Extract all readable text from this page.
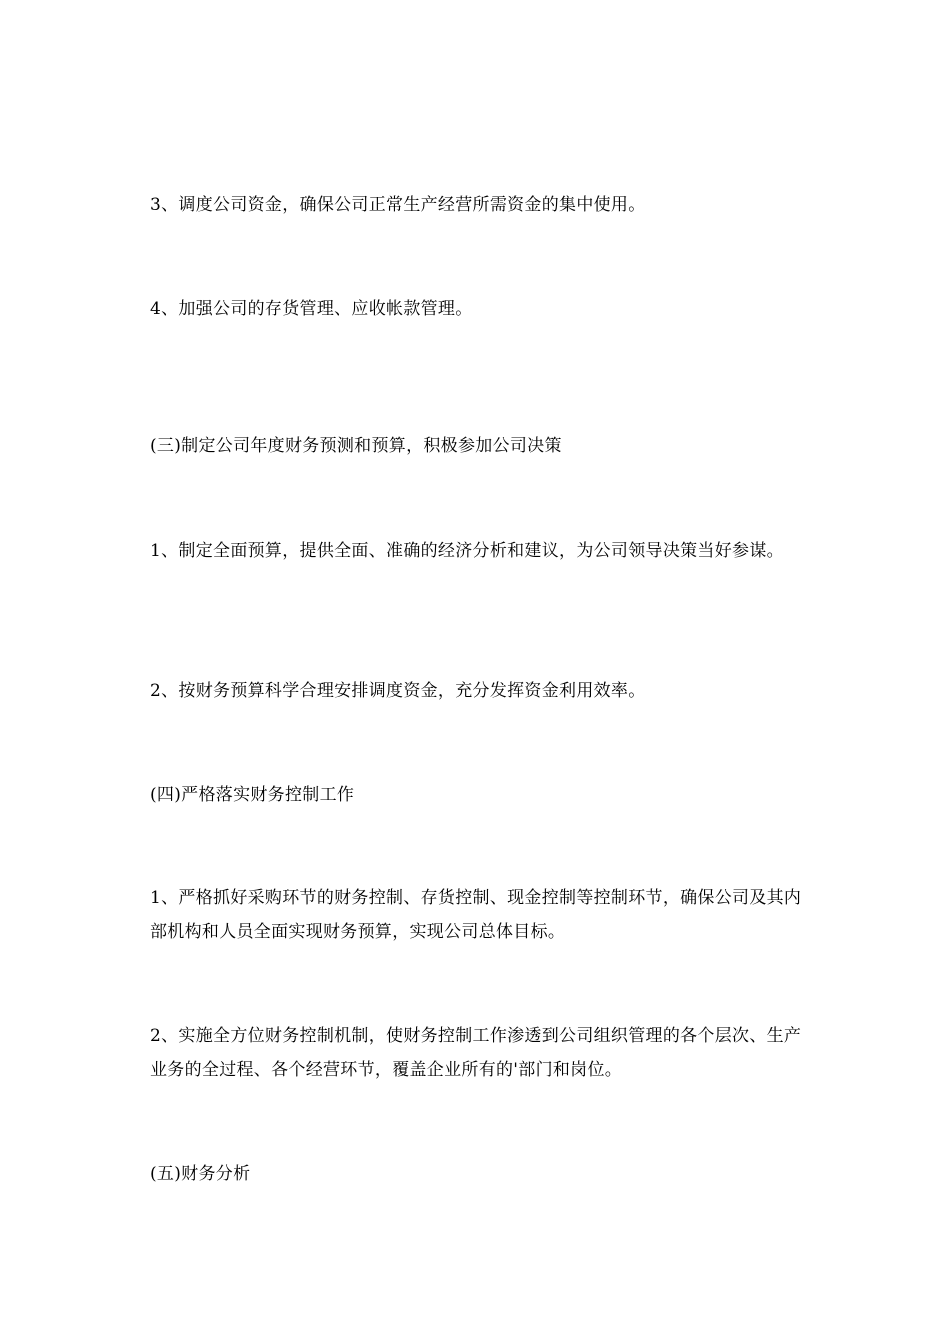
3、调度公司资金，确保公司正常生产经营所需资金的集中使用。

4、加强公司的存货管理、应收帐款管理。

(三)制定公司年度财务预测和预算，积极参加公司决策

1、制定全面预算，提供全面、准确的经济分析和建议，为公司领导决策当好参谋。

2、按财务预算科学合理安排调度资金，充分发挥资金利用效率。

(四)严格落实财务控制工作

1、严格抓好采购环节的财务控制、存货控制、现金控制等控制环节，确保公司及其内部机构和人员全面实现财务预算，实现公司总体目标。

2、实施全方位财务控制机制，使财务控制工作渗透到公司组织管理的各个层次、生产业务的全过程、各个经营环节，覆盖企业所有的'部门和岗位。

(五)财务分析
